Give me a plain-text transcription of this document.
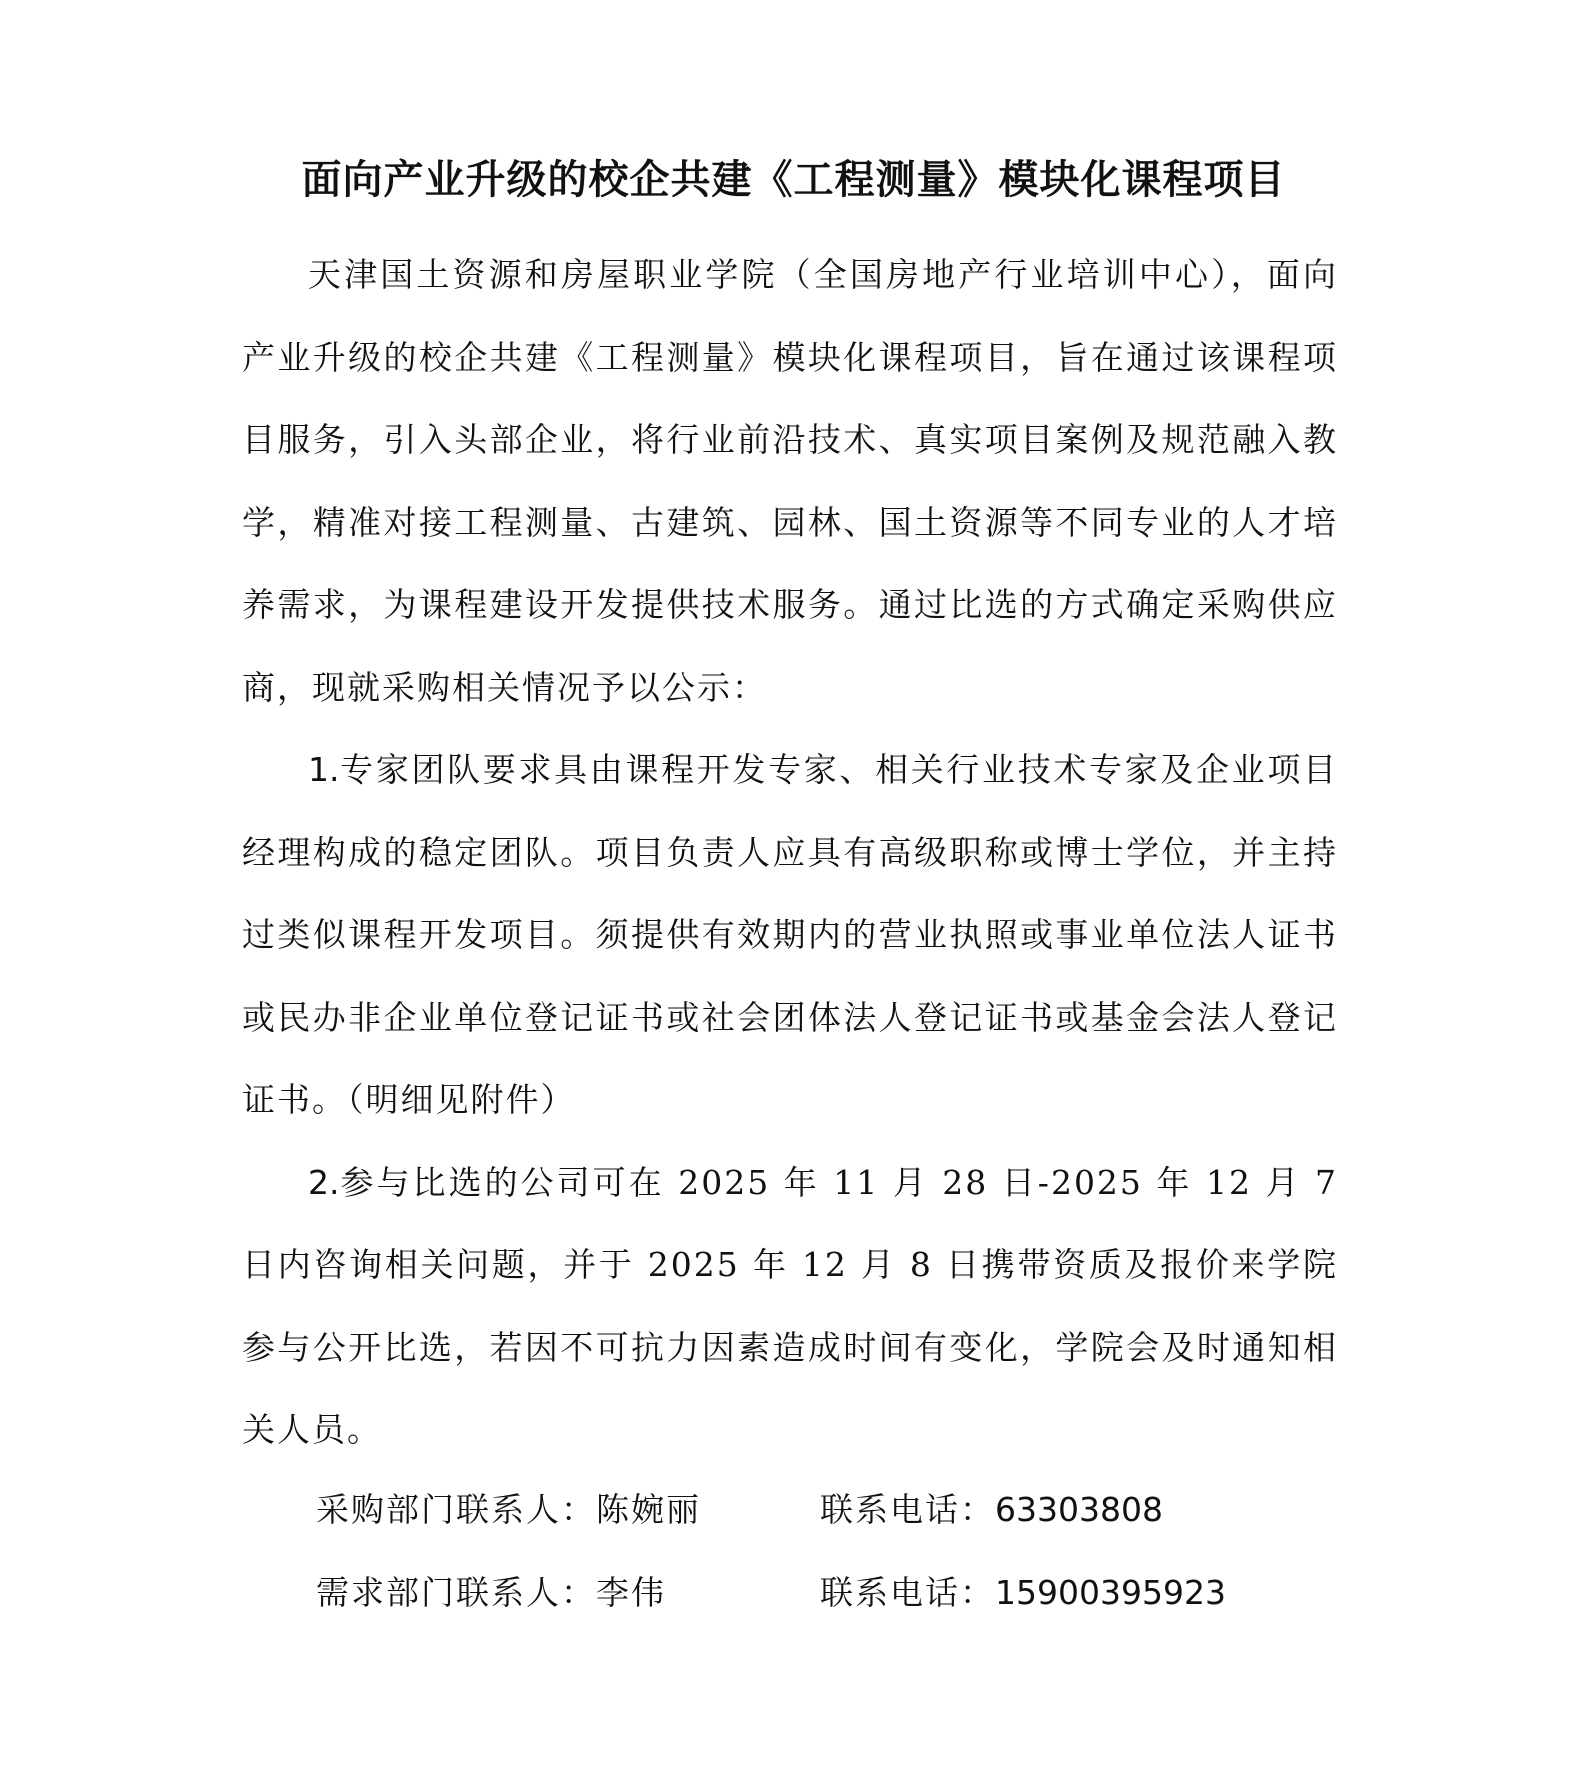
面向产业升级的校企共建《工程测量》模块化课程项目

天津国土资源和房屋职业学院（全国房地产行业培训中心），面向产业升级的校企共建《工程测量》模块化课程项目，旨在通过该课程项目服务，引入头部企业，将行业前沿技术、真实项目案例及规范融入教学，精准对接工程测量、古建筑、园林、国土资源等不同专业的人才培养需求，为课程建设开发提供技术服务。通过比选的方式确定采购供应商，现就采购相关情况予以公示：

1.专家团队要求具由课程开发专家、相关行业技术专家及企业项目经理构成的稳定团队。项目负责人应具有高级职称或博士学位，并主持过类似课程开发项目。须提供有效期内的营业执照或事业单位法人证书或民办非企业单位登记证书或社会团体法人登记证书或基金会法人登记证书。（明细见附件）

2.参与比选的公司可在 2025 年 11 月 28 日-2025 年 12 月 7 日内咨询相关问题，并于 2025 年 12 月 8 日携带资质及报价来学院参与公开比选，若因不可抗力因素造成时间有变化，学院会及时通知相关人员。

采购部门联系人：陈婉丽	联系电话：63303808
需求部门联系人：李伟	联系电话：15900395923
